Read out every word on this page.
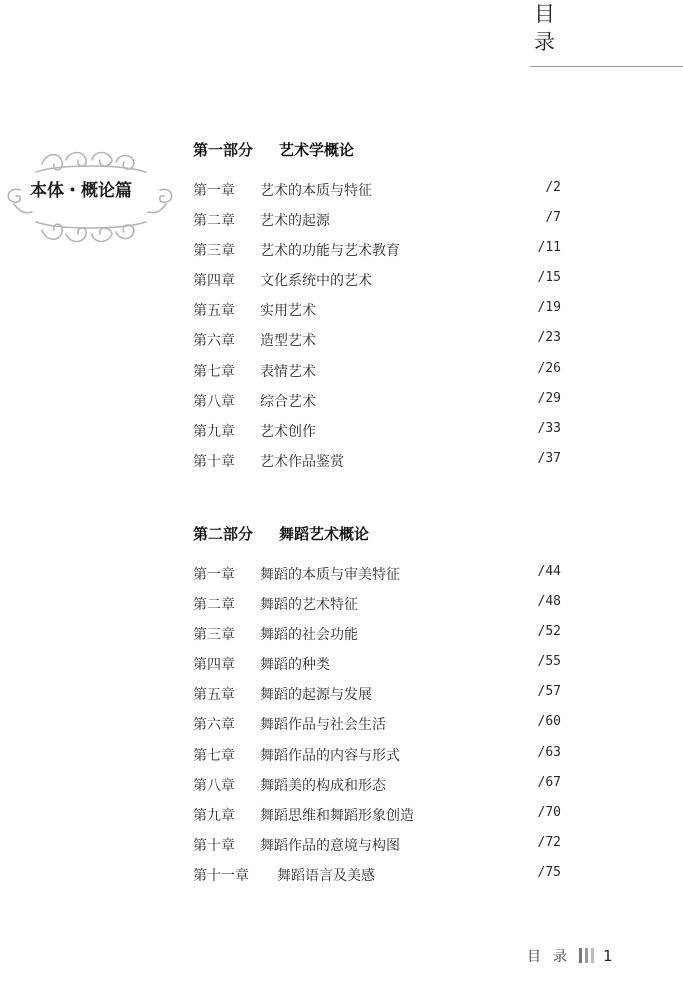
目
录
本体・概论篇
第一部分 艺术学概论
第一章 艺术的本质与特征	/2
第二章 艺术的起源	/7
第三章 艺术的功能与艺术教育	/11
第四章 文化系统中的艺术	/15
第五章 实用艺术	/19
第六章 造型艺术	/23
第七章 表情艺术	/26
第八章 综合艺术	/29
第九章 艺术创作	/33
第十章 艺术作品鉴赏	/37
第二部分 舞蹈艺术概论
第一章 舞蹈的本质与审美特征	/44
第二章 舞蹈的艺术特征	/48
第三章 舞蹈的社会功能	/52
第四章 舞蹈的种类	/55
第五章 舞蹈的起源与发展	/57
第六章 舞蹈作品与社会生活	/60
第七章 舞蹈作品的内容与形式	/63
第八章 舞蹈美的构成和形态	/67
第九章 舞蹈思维和舞蹈形象创造	/70
第十章 舞蹈作品的意境与构图	/72
第十一章 舞蹈语言及美感	/75
目录 1
